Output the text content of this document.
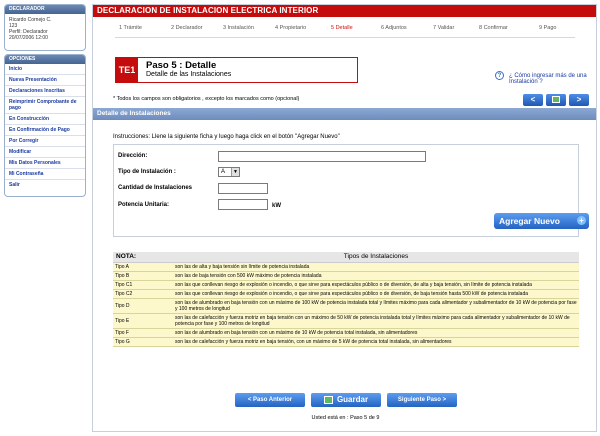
DECLARADOR
Ricardo Cornejo C.
123
Perfil: Declarador
20/07/2006 12:00
OPCIONES
Inicio
Nueva Presentación
Declaraciones Inscritas
Reimprimir Comprobante de pago
En Construcción
En Confirmación de Pago
Por Corregir
Modificar
Mis Datos Personales
Mi Contraseña
Salir
DECLARACION DE INSTALACION ELECTRICA INTERIOR
1 Trámite	2 Declarador	3 Instalación	4 Propietario	5 Detalle	6 Adjuntos	7 Validar	8 Confirmar	9 Pago
TE1 Paso 5 : Detalle
Detalle de las Instalaciones	?	¿ Cómo ingresar más de una Instalación ?
* Todos los campos son obligatorios , excepto los marcados como (opcional)	<	>
Detalle de Instalaciones
Instrucciones: Llene la siguiente ficha y luego haga click en el botón "Agregar Nuevo"
Dirección:
Tipo de Instalación :	A	▼
Cantidad de Instalaciones
Potencia Unitaria:	kW
Agregar Nuevo +
NOTA:	Tipos de Instalaciones
Tipo A	son las de alta y baja tensión sin límite de potencia instalada
Tipo B	son las de baja tensión con 500 kW máximo de potencia instalada
Tipo C1	son las que conllevan riesgo de explosión o incendio, o que sirve para espectáculos público o de diversión, de alta y baja tensión, sin límite de potencia instalada
Tipo C2	son las que conllevan riesgo de explosión o incendio, o que sirve para espectáculos público o de diversión, de baja tensión hasta 500 kW de potencia instalada
Tipo D	son las de alumbrado en baja tensión con un máximo de 100 kW de potencia instalada total y límites máximo para cada alimentador y subalimentador de 10 kW de potencia por fase y 100 metros de longitud
Tipo E	son las de calefacción y fuerza motriz en baja tensión con un máximo de 50 kW de potencia instalada total y límites máximo para cada alimentador y subalimentador de 10 kW de potencia por fase y 100 metros de longitud
Tipo F	son las de alumbrado en baja tensión con un máximo de 10 kW de potencia total instalada, sin alimentadores
Tipo G	son las de calefacción y fuerza motriz en baja tensión, con un máximo de 5 kW de potencia total instalada, sin alimentadores
< Paso Anterior	Guardar	Siguiente Paso >
Usted está en : Paso 5 de 9
